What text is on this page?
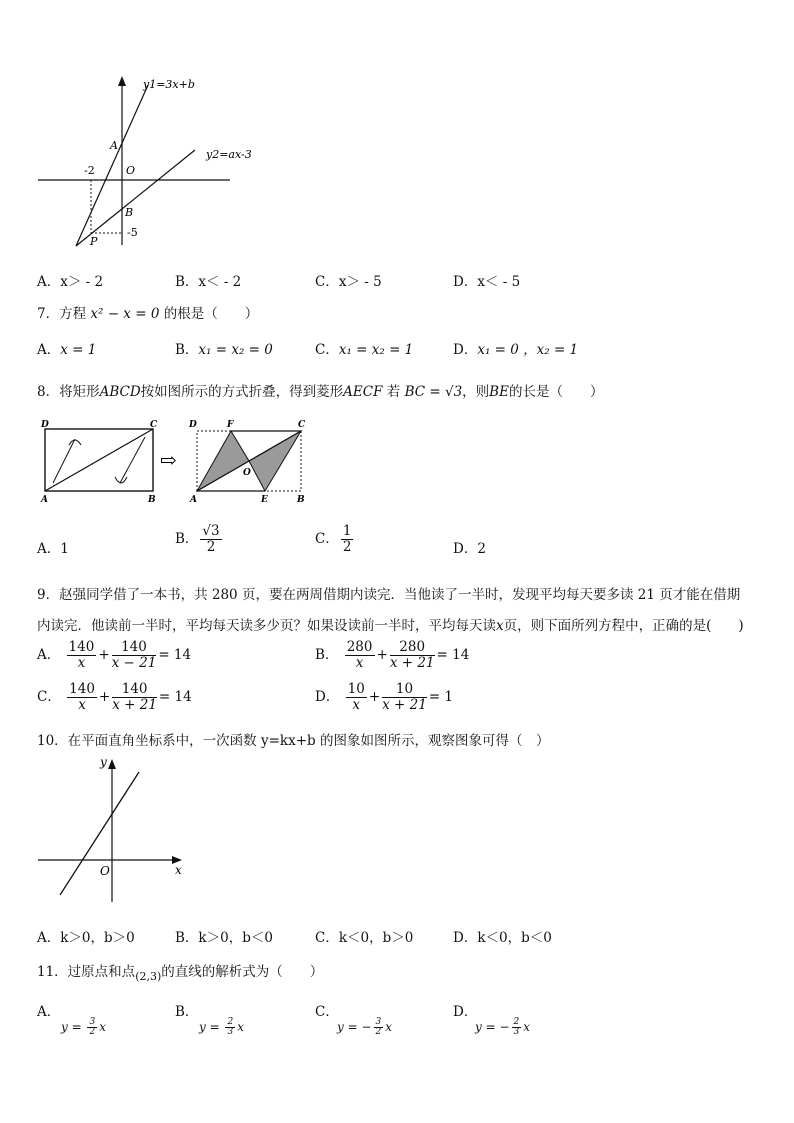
y1=3x+b
y2=ax-3
A
O
B
P
-2
-5
A．x＞ - 2	B．x＜ - 2	C．x＞ - 5	D．x＜ - 5
7．方程 x² − x = 0 的根是（　　）
A．x = 1	B．x₁ = x₂ = 0	C．x₁ = x₂ = 1	D．x₁ = 0 ，x₂ = 1
8．将矩形ABCD按如图所示的方式折叠，得到菱形AECF 若 BC = √3，则BE的长是（　　）
D	C
A	B
⇨
D	F	C
O
A	E	B
A．1
B． $\frac{√3}{2}$	C． $\frac{1}{2}$	D．2
9．赵强同学借了一本书，共 280 页，要在两周借期内读完．当他读了一半时，发现平均每天要多读 21 页才能在借期
内读完．他读前一半时，平均每天读多少页？如果设读前一半时，平均每天读x页，则下面所列方程中，正确的是(　　)
A． $\frac{140}{x} + \frac{140}{x - 21} = 14$	B． $\frac{280}{x} + \frac{280}{x + 21} = 14$
C． $\frac{140}{x} + \frac{140}{x + 21} = 14$	D． $\frac{10}{x} + \frac{10}{x + 21} = 1$
10．在平面直角坐标系中，一次函数 y=kx+b 的图象如图所示，观察图象可得（　）
y
x
O
A．k＞0，b＞0	B．k＞0，b＜0	C．k＜0，b＞0	D．k＜0，b＜0
11．过原点和点$_{(2,3)}$的直线的解析式为（　　）
A．
$y = \frac{3}{2}$ x
B．
$y = \frac{2}{3}$ x
C．
y = − $\frac{3}{2}$ x
D．
y = − $\frac{2}{3}$ x
